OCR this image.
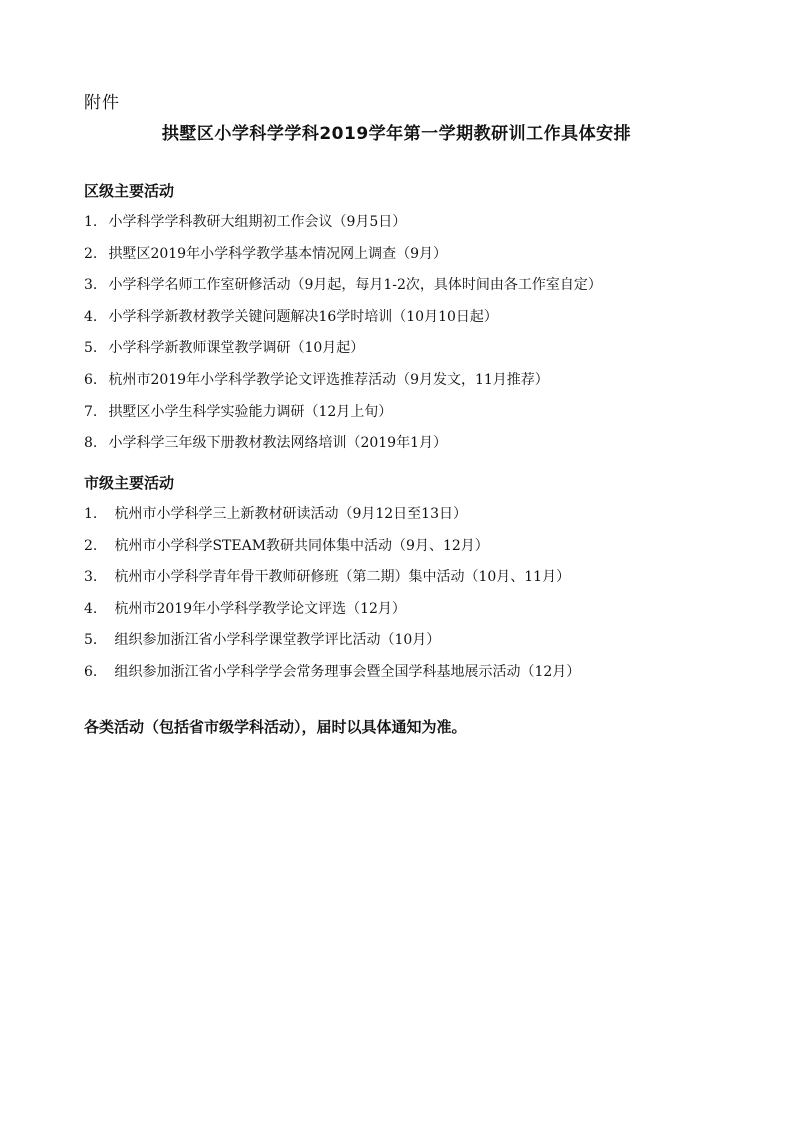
附件
拱墅区小学科学学科2019学年第一学期教研训工作具体安排
区级主要活动
1. 小学科学学科教研大组期初工作会议（9月5日）
2. 拱墅区2019年小学科学教学基本情况网上调查（9月）
3. 小学科学名师工作室研修活动（9月起，每月1-2次，具体时间由各工作室自定）
4. 小学科学新教材教学关键问题解决16学时培训（10月10日起）
5. 小学科学新教师课堂教学调研（10月起）
6. 杭州市2019年小学科学教学论文评选推荐活动（9月发文，11月推荐）
7. 拱墅区小学生科学实验能力调研（12月上旬）
8. 小学科学三年级下册教材教法网络培训（2019年1月）
市级主要活动
1. 杭州市小学科学三上新教材研读活动（9月12日至13日）
2. 杭州市小学科学STEAM教研共同体集中活动（9月、12月）
3. 杭州市小学科学青年骨干教师研修班（第二期）集中活动（10月、11月）
4. 杭州市2019年小学科学教学论文评选（12月）
5. 组织参加浙江省小学科学课堂教学评比活动（10月）
6. 组织参加浙江省小学科学学会常务理事会暨全国学科基地展示活动（12月）
各类活动（包括省市级学科活动），届时以具体通知为准。
